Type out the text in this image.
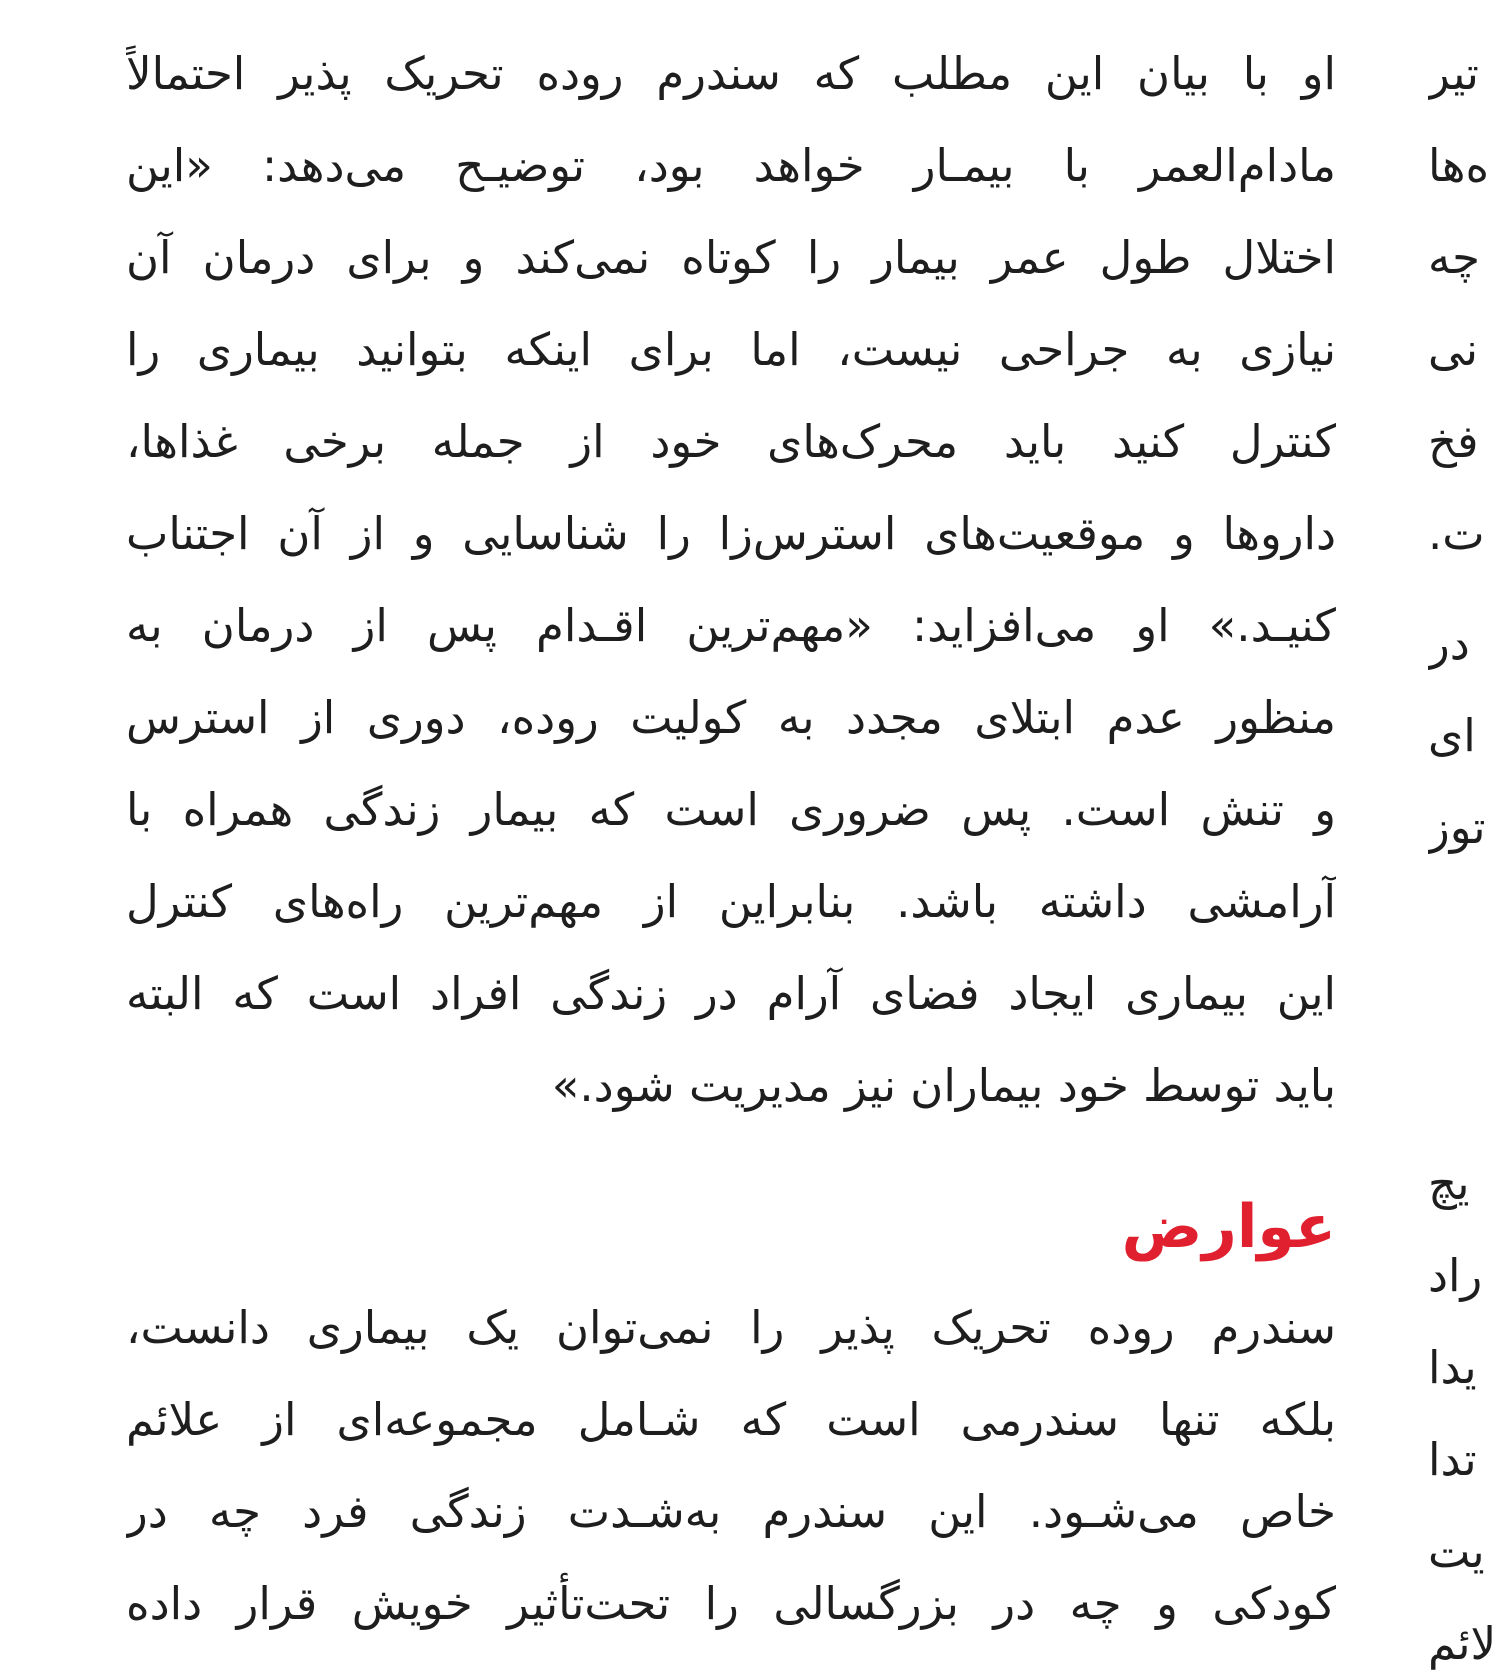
او با بیان این مطلب که سندرم روده تحریک پذیر احتمالاً
مادام‌العمر با بیمـار خواهد بود، توضیـح می‌دهد: «این
اختلال طول عمر بیمار را کوتاه نمی‌کند و برای درمان آن
نیازی به جراحی نیست، اما برای اینکه بتوانید بیماری را
کنترل کنید باید محرک‌های خود از جمله برخی غذاها،
داروها و موقعیت‌های استرس‌زا را شناسایی و از آن اجتناب
کنیـد.» او می‌افزاید: «مهم‌ترین اقـدام پس از درمان به
منظور عدم ابتلای مجدد به کولیت روده، دوری از استرس
و تنش است. پس ضروری است که بیمار زندگی همراه با
آرامشی داشته باشد. بنابراین از مهم‌ترین راه‌های کنترل
این بیماری ایجاد فضای آرام در زندگی افراد است که البته
باید توسط خود بیماران نیز مدیریت شود.»
عوارض
سندرم روده تحریک پذیر را نمی‌توان یک بیماری دانست،
بلکه تنها سندرمی است که شـامل مجموعه‌ای از علائم
خاص می‌شـود. این سندرم به‌شـدت زندگی فرد چه در
کودکی و چه در بزرگسالی را تحت‌تأثیر خویش قرار داده
تیر
ه‌ها
چه
نی
فخ
ت.
در
ای
توز
یچ
راد
یدا
تدا
یت
لائم
